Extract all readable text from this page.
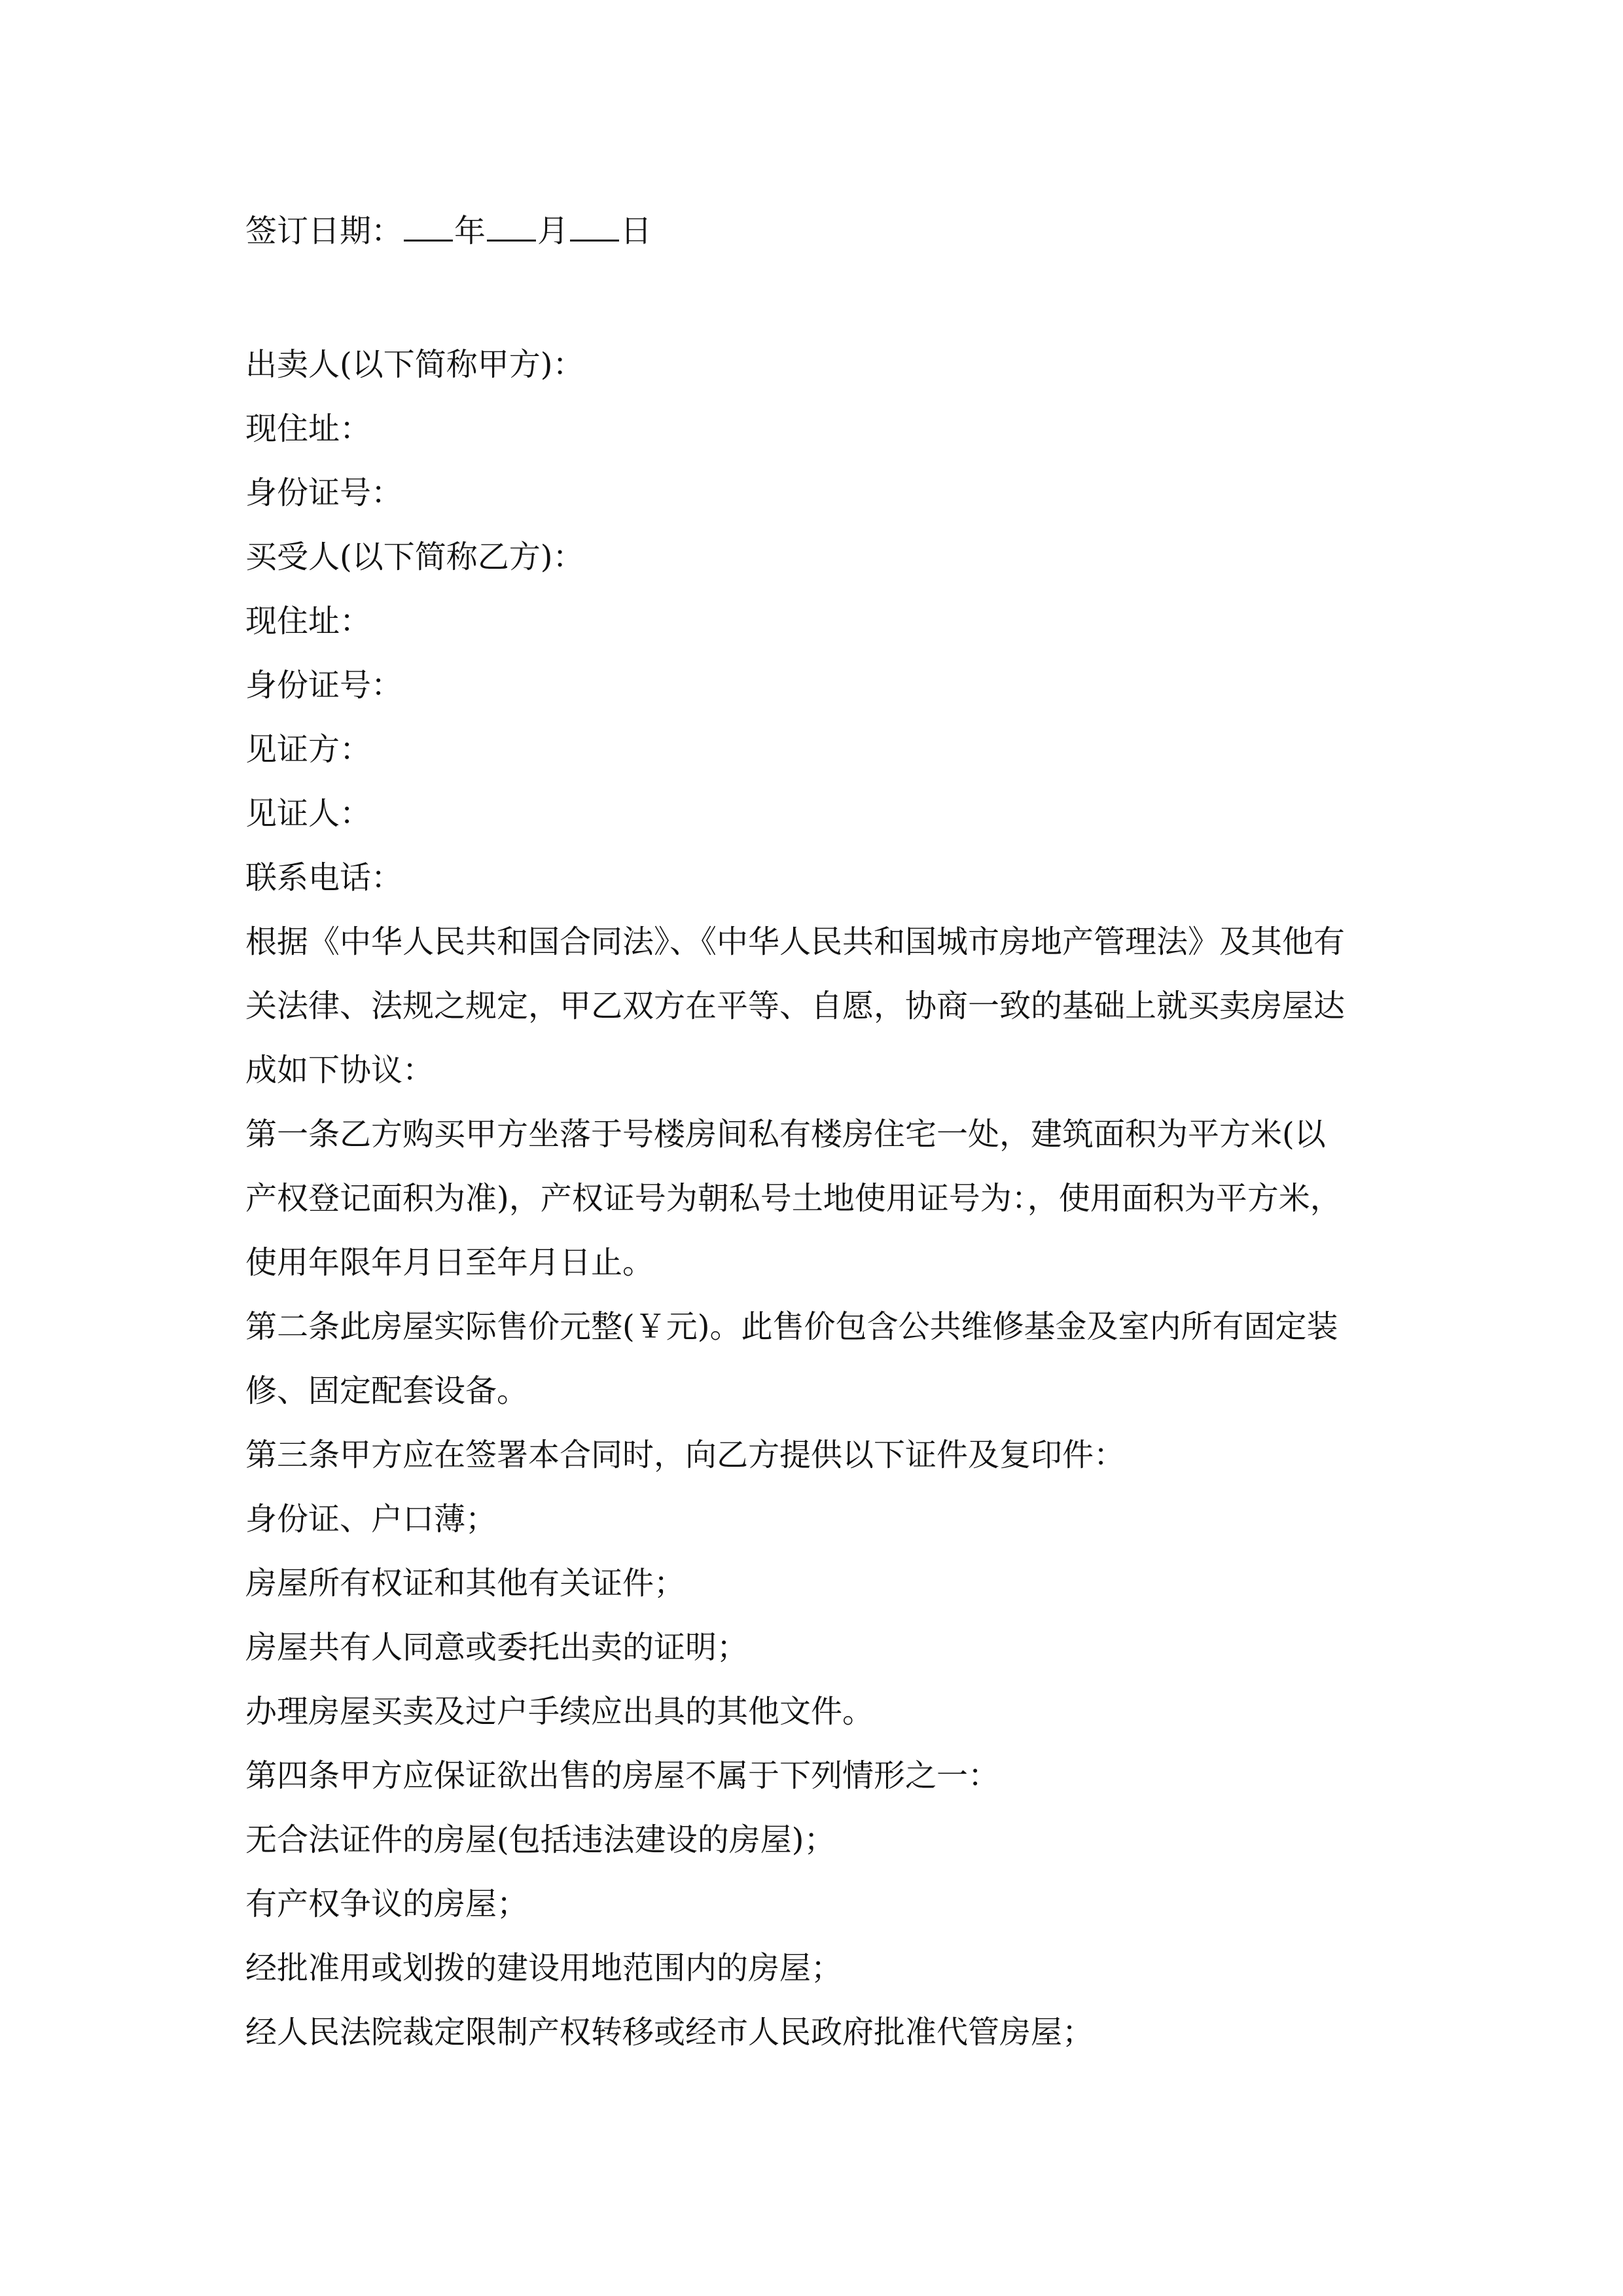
签订日期： 年 月 日
出卖人(以下简称甲方)：
现住址：
身份证号：
买受人(以下简称乙方)：
现住址：
身份证号：
见证方：
见证人：
联系电话：
根据《中华人民共和国合同法》、《中华人民共和国城市房地产管理法》及其他有
关法律、法规之规定，甲乙双方在平等、自愿，协商一致的基础上就买卖房屋达
成如下协议：
第一条乙方购买甲方坐落于号楼房间私有楼房住宅一处，建筑面积为平方米(以
产权登记面积为准)，产权证号为朝私号土地使用证号为：，使用面积为平方米，
使用年限年月日至年月日止。
第二条此房屋实际售价元整(￥元)。此售价包含公共维修基金及室内所有固定装
修、固定配套设备。
第三条甲方应在签署本合同时，向乙方提供以下证件及复印件：
身份证、户口薄；
房屋所有权证和其他有关证件；
房屋共有人同意或委托出卖的证明；
办理房屋买卖及过户手续应出具的其他文件。
第四条甲方应保证欲出售的房屋不属于下列情形之一：
无合法证件的房屋(包括违法建设的房屋)；
有产权争议的房屋；
经批准用或划拨的建设用地范围内的房屋；
经人民法院裁定限制产权转移或经市人民政府批准代管房屋；
